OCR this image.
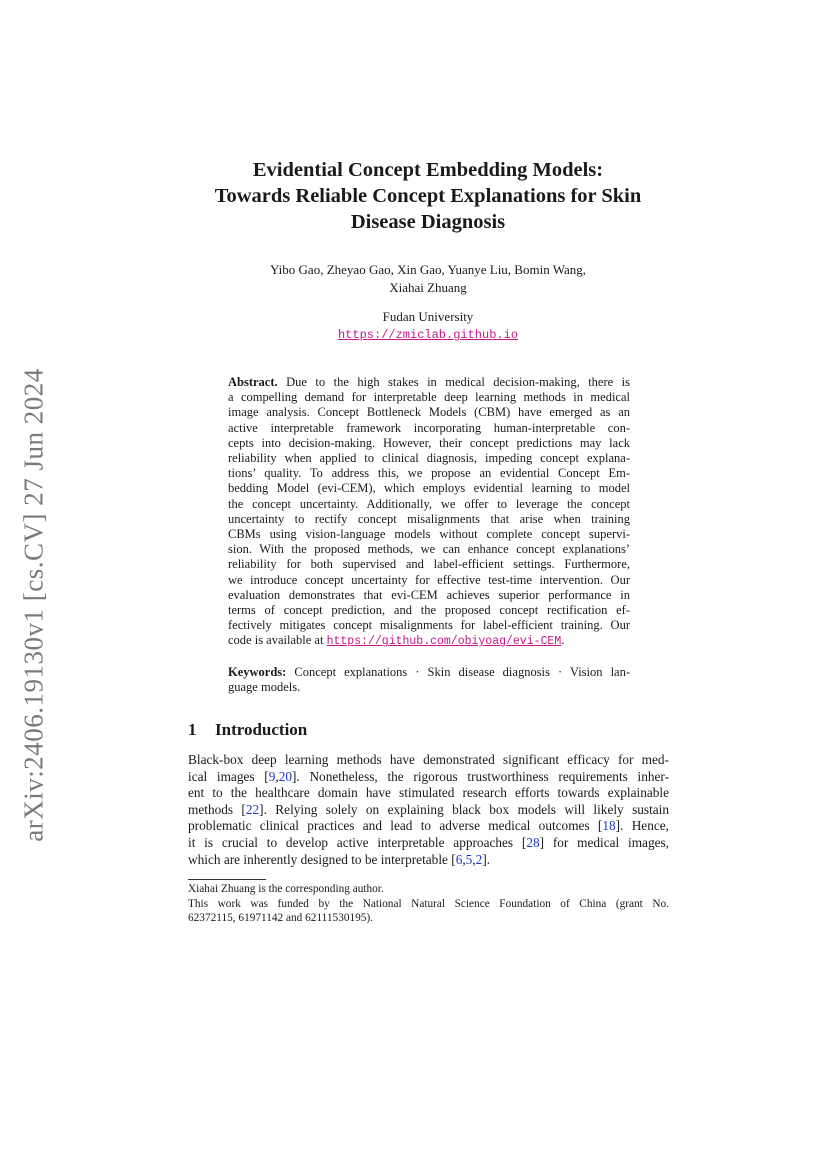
arXiv:2406.19130v1 [cs.CV] 27 Jun 2024
Evidential Concept Embedding Models:
Towards Reliable Concept Explanations for Skin
Disease Diagnosis
Yibo Gao, Zheyao Gao, Xin Gao, Yuanye Liu, Bomin Wang,
Xiahai Zhuang
Fudan University
https://zmiclab.github.io
Abstract. Due to the high stakes in medical decision-making, there is
a compelling demand for interpretable deep learning methods in medical
image analysis. Concept Bottleneck Models (CBM) have emerged as an
active interpretable framework incorporating human-interpretable con-
cepts into decision-making. However, their concept predictions may lack
reliability when applied to clinical diagnosis, impeding concept explana-
tions’ quality. To address this, we propose an evidential Concept Em-
bedding Model (evi-CEM), which employs evidential learning to model
the concept uncertainty. Additionally, we offer to leverage the concept
uncertainty to rectify concept misalignments that arise when training
CBMs using vision-language models without complete concept supervi-
sion. With the proposed methods, we can enhance concept explanations’
reliability for both supervised and label-efficient settings. Furthermore,
we introduce concept uncertainty for effective test-time intervention. Our
evaluation demonstrates that evi-CEM achieves superior performance in
terms of concept prediction, and the proposed concept rectification ef-
fectively mitigates concept misalignments for label-efficient training. Our
code is available at https://github.com/obiyoag/evi-CEM.
Keywords: Concept explanations · Skin disease diagnosis · Vision lan-
guage models.
1 Introduction
Black-box deep learning methods have demonstrated significant efficacy for med-
ical images [9,20]. Nonetheless, the rigorous trustworthiness requirements inher-
ent to the healthcare domain have stimulated research efforts towards explainable
methods [22]. Relying solely on explaining black box models will likely sustain
problematic clinical practices and lead to adverse medical outcomes [18]. Hence,
it is crucial to develop active interpretable approaches [28] for medical images,
which are inherently designed to be interpretable [6,5,2].
Xiahai Zhuang is the corresponding author.
This work was funded by the National Natural Science Foundation of China (grant No.
62372115, 61971142 and 62111530195).
